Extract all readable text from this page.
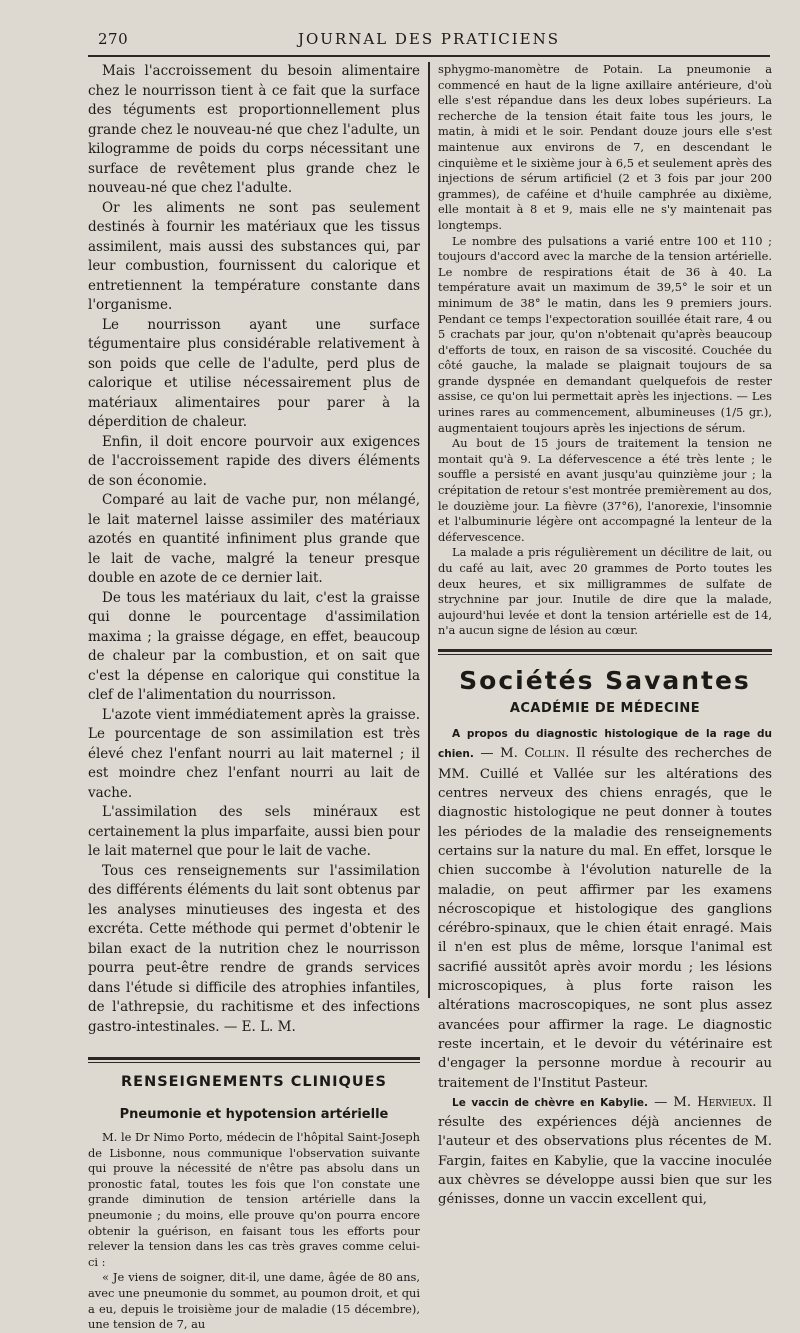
270	JOURNAL DES PRATICIENS

Mais l'accroissement du besoin alimentaire chez le nourrisson tient à ce fait que la surface des téguments est proportionnellement plus grande chez le nouveau-né que chez l'adulte, un kilogramme de poids du corps nécessitant une surface de revêtement plus grande chez le nouveau-né que chez l'adulte.

Or les aliments ne sont pas seulement destinés à fournir les matériaux que les tissus assimilent, mais aussi des substances qui, par leur combustion, fournissent du calorique et entretiennent la température constante dans l'organisme.

Le nourrisson ayant une surface tégumentaire plus considérable relativement à son poids que celle de l'adulte, perd plus de calorique et utilise nécessairement plus de matériaux alimentaires pour parer à la déperdition de chaleur.

Enfin, il doit encore pourvoir aux exigences de l'accroissement rapide des divers éléments de son économie.

Comparé au lait de vache pur, non mélangé, le lait maternel laisse assimiler des matériaux azotés en quantité infiniment plus grande que le lait de vache, malgré la teneur presque double en azote de ce dernier lait.

De tous les matériaux du lait, c'est la graisse qui donne le pourcentage d'assimilation maxima ; la graisse dégage, en effet, beaucoup de chaleur par la combustion, et on sait que c'est la dépense en calorique qui constitue la clef de l'alimentation du nourrisson.

L'azote vient immédiatement après la graisse. Le pourcentage de son assimilation est très élevé chez l'enfant nourri au lait maternel ; il est moindre chez l'enfant nourri au lait de vache.

L'assimilation des sels minéraux est certainement la plus imparfaite, aussi bien pour le lait maternel que pour le lait de vache.

Tous ces renseignements sur l'assimilation des différents éléments du lait sont obtenus par les analyses minutieuses des ingesta et des excréta. Cette méthode qui permet d'obtenir le bilan exact de la nutrition chez le nourrisson pourra peut-être rendre de grands services dans l'étude si difficile des atrophies infantiles, de l'athrepsie, du rachitisme et des infections gastro-intestinales. — E. L. M.

RENSEIGNEMENTS CLINIQUES
Pneumonie et hypotension artérielle

M. le Dr Nimo Porto, médecin de l'hôpital Saint-Joseph de Lisbonne, nous communique l'observation suivante qui prouve la nécessité de n'être pas absolu dans un pronostic fatal, toutes les fois que l'on constate une grande diminution de tension artérielle dans la pneumonie ; du moins, elle prouve qu'on pourra encore obtenir la guérison, en faisant tous les efforts pour relever la tension dans les cas très graves comme celui-ci :

« Je viens de soigner, dit-il, une dame, âgée de 80 ans, avec une pneumonie du sommet, au poumon droit, et qui a eu, depuis le troisième jour de maladie (15 décembre), une tension de 7, au

sphygmo-manomètre de Potain. La pneumonie a commencé en haut de la ligne axillaire antérieure, d'où elle s'est répandue dans les deux lobes supérieurs. La recherche de la tension était faite tous les jours, le matin, à midi et le soir. Pendant douze jours elle s'est maintenue aux environs de 7, en descendant le cinquième et le sixième jour à 6,5 et seulement après des injections de sérum artificiel (2 et 3 fois par jour 200 grammes), de caféine et d'huile camphrée au dixième, elle montait à 8 et 9, mais elle ne s'y maintenait pas longtemps.

Le nombre des pulsations a varié entre 100 et 110 ; toujours d'accord avec la marche de la tension artérielle. Le nombre de respirations était de 36 à 40. La température avait un maximum de 39,5° le soir et un minimum de 38° le matin, dans les 9 premiers jours. Pendant ce temps l'expectoration souillée était rare, 4 ou 5 crachats par jour, qu'on n'obtenait qu'après beaucoup d'efforts de toux, en raison de sa viscosité. Couchée du côté gauche, la malade se plaignait toujours de sa grande dyspnée en demandant quelquefois de rester assise, ce qu'on lui permettait après les injections. — Les urines rares au commencement, albumineuses (1/5 gr.), augmentaient toujours après les injections de sérum.

Au bout de 15 jours de traitement la tension ne montait qu'à 9. La défervescence a été très lente ; le souffle a persisté en avant jusqu'au quinzième jour ; la crépitation de retour s'est montrée premièrement au dos, le douzième jour. La fièvre (37°6), l'anorexie, l'insomnie et l'albuminurie légère ont accompagné la lenteur de la défervescence.

La malade a pris régulièrement un décilitre de lait, ou du café au lait, avec 20 grammes de Porto toutes les deux heures, et six milligrammes de sulfate de strychnine par jour. Inutile de dire que la malade, aujourd'hui levée et dont la tension artérielle est de 14, n'a aucun signe de lésion au cœur.

Sociétés Savantes
ACADÉMIE DE MÉDECINE

A propos du diagnostic histologique de la rage du chien. — M. Collin. Il résulte des recherches de MM. Cuillé et Vallée sur les altérations des centres nerveux des chiens enragés, que le diagnostic histologique ne peut donner à toutes les périodes de la maladie des renseignements certains sur la nature du mal. En effet, lorsque le chien succombe à l'évolution naturelle de la maladie, on peut affirmer par les examens nécroscopique et histologique des ganglions cérébro-spinaux, que le chien était enragé. Mais il n'en est plus de même, lorsque l'animal est sacrifié aussitôt après avoir mordu ; les lésions microscopiques, à plus forte raison les altérations macroscopiques, ne sont plus assez avancées pour affirmer la rage. Le diagnostic reste incertain, et le devoir du vétérinaire est d'engager la personne mordue à recourir au traitement de l'Institut Pasteur.

Le vaccin de chèvre en Kabylie. — M. Hervieux. Il résulte des expériences déjà anciennes de l'auteur et des observations plus récentes de M. Fargin, faites en Kabylie, que la vaccine inoculée aux chèvres se développe aussi bien que sur les génisses, donne un vaccin excellent qui,
